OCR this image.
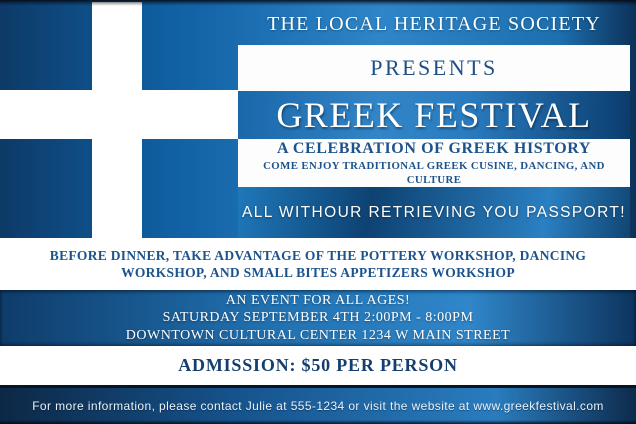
THE LOCAL HERITAGE SOCIETY
PRESENTS
GREEK FESTIVAL
A CELEBRATION OF GREEK HISTORY
COME ENJOY TRADITIONAL GREEK CUSINE, DANCING, AND CULTURE
ALL WITHOUR RETRIEVING YOU PASSPORT!
BEFORE DINNER, TAKE ADVANTAGE OF THE POTTERY WORKSHOP, DANCING WORKSHOP, AND SMALL BITES APPETIZERS WORKSHOP
AN EVENT FOR ALL AGES!
SATURDAY SEPTEMBER 4TH 2:00PM - 8:00PM
DOWNTOWN CULTURAL CENTER 1234 W MAIN STREET
ADMISSION: $50 PER PERSON
For more information, please contact Julie at 555-1234 or visit the website at www.greekfestival.com
